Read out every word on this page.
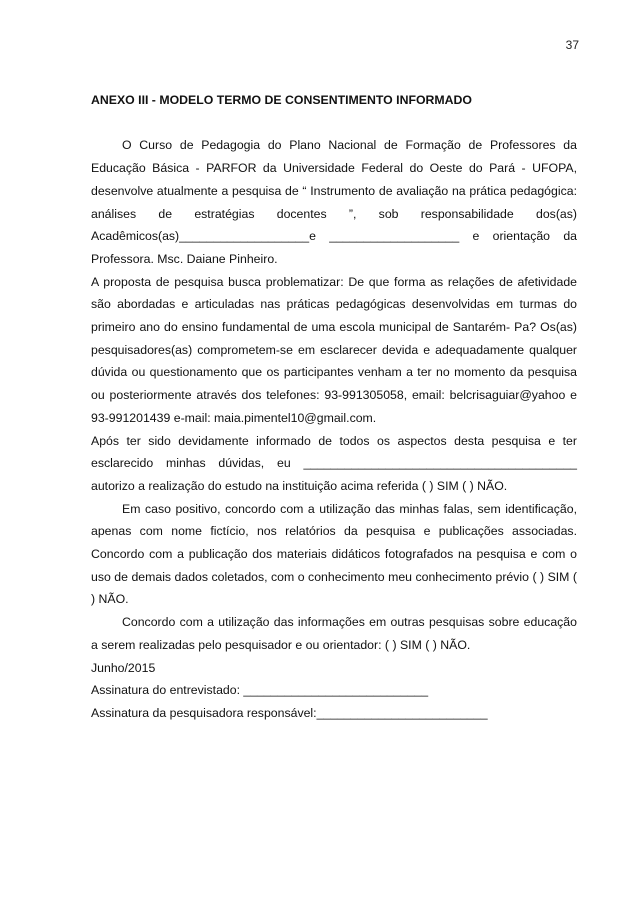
37

ANEXO III - MODELO TERMO DE CONSENTIMENTO INFORMADO

O Curso de Pedagogia do Plano Nacional de Formação de Professores da Educação Básica - PARFOR da Universidade Federal do Oeste do Pará - UFOPA, desenvolve atualmente a pesquisa de “ Instrumento de avaliação na prática pedagógica: análises de estratégias docentes ”, sob responsabilidade dos(as) Acadêmicos(as)___________________e ___________________ e orientação da Professora. Msc. Daiane Pinheiro.

A proposta de pesquisa busca problematizar: De que forma as relações de afetividade são abordadas e articuladas nas práticas pedagógicas desenvolvidas em turmas do primeiro ano do ensino fundamental de uma escola municipal de Santarém- Pa? Os(as) pesquisadores(as) comprometem-se em esclarecer devida e adequadamente qualquer dúvida ou questionamento que os participantes venham a ter no momento da pesquisa ou posteriormente através dos telefones: 93-991305058, email: belcrisaguiar@yahoo e 93-991201439 e-mail: maia.pimentel10@gmail.com.

Após ter sido devidamente informado de todos os aspectos desta pesquisa e ter esclarecido minhas dúvidas, eu ________________________________________ autorizo a realização do estudo na instituição acima referida ( ) SIM ( ) NÃO.

Em caso positivo, concordo com a utilização das minhas falas, sem identificação, apenas com nome fictício, nos relatórios da pesquisa e publicações associadas. Concordo com a publicação dos materiais didáticos fotografados na pesquisa e com o uso de demais dados coletados, com o conhecimento meu conhecimento prévio ( ) SIM ( ) NÃO.

Concordo com a utilização das informações em outras pesquisas sobre educação a serem realizadas pelo pesquisador e ou orientador: ( ) SIM ( ) NÃO.

Junho/2015

Assinatura do entrevistado: ___________________________

Assinatura da pesquisadora responsável:_________________________
